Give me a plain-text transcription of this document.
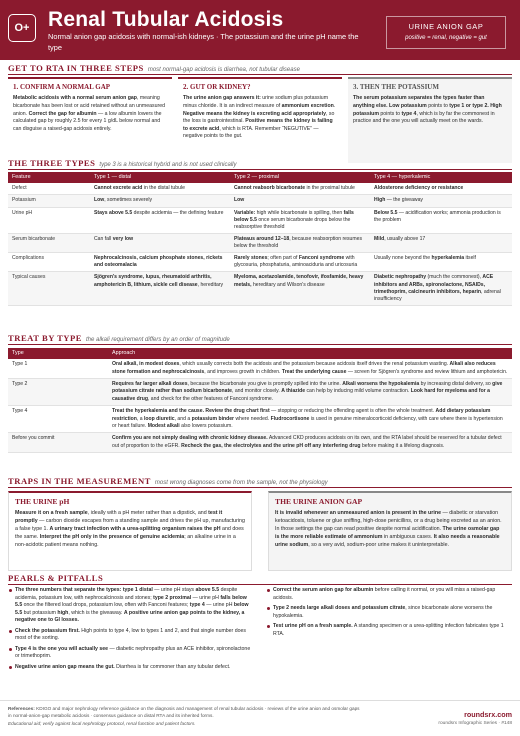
O+ Renal Tubular Acidosis
Normal anion gap acidosis with normal-ish kidneys · The potassium and the urine pH name the type
URINE ANION GAP
positive = renal, negative = gut
GET TO RTA IN THREE STEPS most normal-gap acidosis is diarrhea, not tubular disease
1. CONFIRM A NORMAL GAP
Metabolic acidosis with a normal serum anion gap, meaning bicarbonate has been lost or acid retained without an unmeasured anion. Correct the gap for albumin — a low albumin lowers the calculated gap by roughly 2.5 for every 1 g/dL below normal and can disguise a raised-gap acidosis entirely.
2. GUT OR KIDNEY?
The urine anion gap answers it: urine sodium plus potassium minus chloride. It is an indirect measure of ammonium excretion. Negative means the kidney is excreting acid appropriately, so the loss is gastrointestinal. Positive means the kidney is failing to excrete acid, which is RTA. Remember “NEGUTIVE” — negative points to the gut.
3. THEN THE POTASSIUM
The serum potassium separates the types faster than anything else. Low potassium points to type 1 or type 2. High potassium points to type 4, which is by far the commonest in practice and the one you will actually meet on the wards.
THE THREE TYPES type 3 is a historical hybrid and is not used clinically
Feature	Type 1 — distal	Type 2 — proximal	Type 4 — hyperkalemic
Defect	Cannot excrete acid in the distal tubule	Cannot reabsorb bicarbonate in the proximal tubule	Aldosterone deficiency or resistance
Potassium	Low, sometimes severely	Low	High — the giveaway
Urine pH	Stays above 5.5 despite acidemia — the defining feature	Variable: high while bicarbonate is spilling, then falls below 5.5 once serum bicarbonate drops below the reabsorptive threshold	Below 5.5 — acidification works; ammonia production is the problem
Serum bicarbonate	Can fall very low	Plateaus around 12–18, because reabsorption resumes below the threshold	Mild, usually above 17
Complications	Nephrocalcinosis, calcium phosphate stones, rickets and osteomalacia	Rarely stones; often part of Fanconi syndrome with glycosuria, phosphaturia, aminoaciduria and uricosuria	Usually none beyond the hyperkalemia itself
Typical causes	Sjögren's syndrome, lupus, rheumatoid arthritis, amphotericin B, lithium, sickle cell disease, hereditary	Myeloma, acetazolamide, tenofovir, ifosfamide, heavy metals, hereditary and Wilson's disease	Diabetic nephropathy (much the commonest), ACE inhibitors and ARBs, spironolactone, NSAIDs, trimethoprim, calcineurin inhibitors, heparin, adrenal insufficiency
TREAT BY TYPE the alkali requirement differs by an order of magnitude
Type	Approach
Type 1	Oral alkali, in modest doses, which usually corrects both the acidosis and the potassium because acidosis itself drives the renal potassium wasting. Alkali also reduces stone formation and nephrocalcinosis, and improves growth in children. Treat the underlying cause — screen for Sjögren's syndrome and review lithium and amphotericin.
Type 2	Requires far larger alkali doses, because the bicarbonate you give is promptly spilled into the urine. Alkali worsens the hypokalemia by increasing distal delivery, so give potassium citrate rather than sodium bicarbonate, and monitor closely. A thiazide can help by inducing mild volume contraction. Look hard for myeloma and for a causative drug, and check for the other features of Fanconi syndrome.
Type 4	Treat the hyperkalemia and the cause. Review the drug chart first — stopping or reducing the offending agent is often the whole treatment. Add dietary potassium restriction, a loop diuretic, and a potassium binder where needed. Fludrocortisone is used in genuine mineralocorticoid deficiency, with care where there is hypertension or heart failure. Modest alkali also lowers potassium.
Before you commit	Confirm you are not simply dealing with chronic kidney disease. Advanced CKD produces acidosis on its own, and the RTA label should be reserved for a tubular defect out of proportion to the eGFR. Recheck the gas, the electrolytes and the urine pH off any interfering drug before making it a lifelong diagnosis.
TRAPS IN THE MEASUREMENT most wrong diagnoses come from the sample, not the physiology
THE URINE pH
Measure it on a fresh sample, ideally with a pH meter rather than a dipstick, and test it promptly — carbon dioxide escapes from a standing sample and drives the pH up, manufacturing a false type 1. A urinary tract infection with a urea-splitting organism raises the pH and does the same. Interpret the pH only in the presence of genuine acidemia; an alkaline urine in a non-acidotic patient means nothing.
THE URINE ANION GAP
It is invalid whenever an unmeasured anion is present in the urine — diabetic or starvation ketoacidosis, toluene or glue sniffing, high-dose penicillins, or a drug being excreted as an anion. In those settings the gap can read positive despite normal acidification. The urine osmolar gap is the more reliable estimate of ammonium in ambiguous cases. It also needs a reasonable urine sodium, so a very avid, sodium-poor urine makes it uninterpretable.
PEARLS & PITFALLS
The three numbers that separate the types: type 1 distal — urine pH stays above 5.5 despite acidemia, potassium low, with nephrocalcinosis and stones; type 2 proximal — urine pH falls below 5.5 once the filtered load drops, potassium low, often with Fanconi features; type 4 — urine pH below 5.5 but potassium high, which is the giveaway. A positive urine anion gap points to the kidney, a negative one to GI losses.
Check the potassium first. High points to type 4, low to types 1 and 2, and that single number does most of the sorting.
Type 4 is the one you will actually see — diabetic nephropathy plus an ACE inhibitor, spironolactone or trimethoprim.
Negative urine anion gap means the gut. Diarrhea is far commoner than any tubular defect.
Correct the serum anion gap for albumin before calling it normal, or you will miss a raised-gap acidosis.
Type 2 needs large alkali doses and potassium citrate, since bicarbonate alone worsens the hypokalemia.
Test urine pH on a fresh sample. A standing specimen or a urea-splitting infection fabricates type 1 RTA.
References: KDIGO and major nephrology reference guidance on the diagnosis and management of renal tubular acidosis · reviews of the urine anion and osmolar gaps
in normal-anion-gap metabolic acidosis · consensus guidance on distal RTA and its inherited forms.
Educational aid; verify against local nephrology protocol, renal function and patient factors.
roundsrx.com
roundsrx Infographic Series · #148
